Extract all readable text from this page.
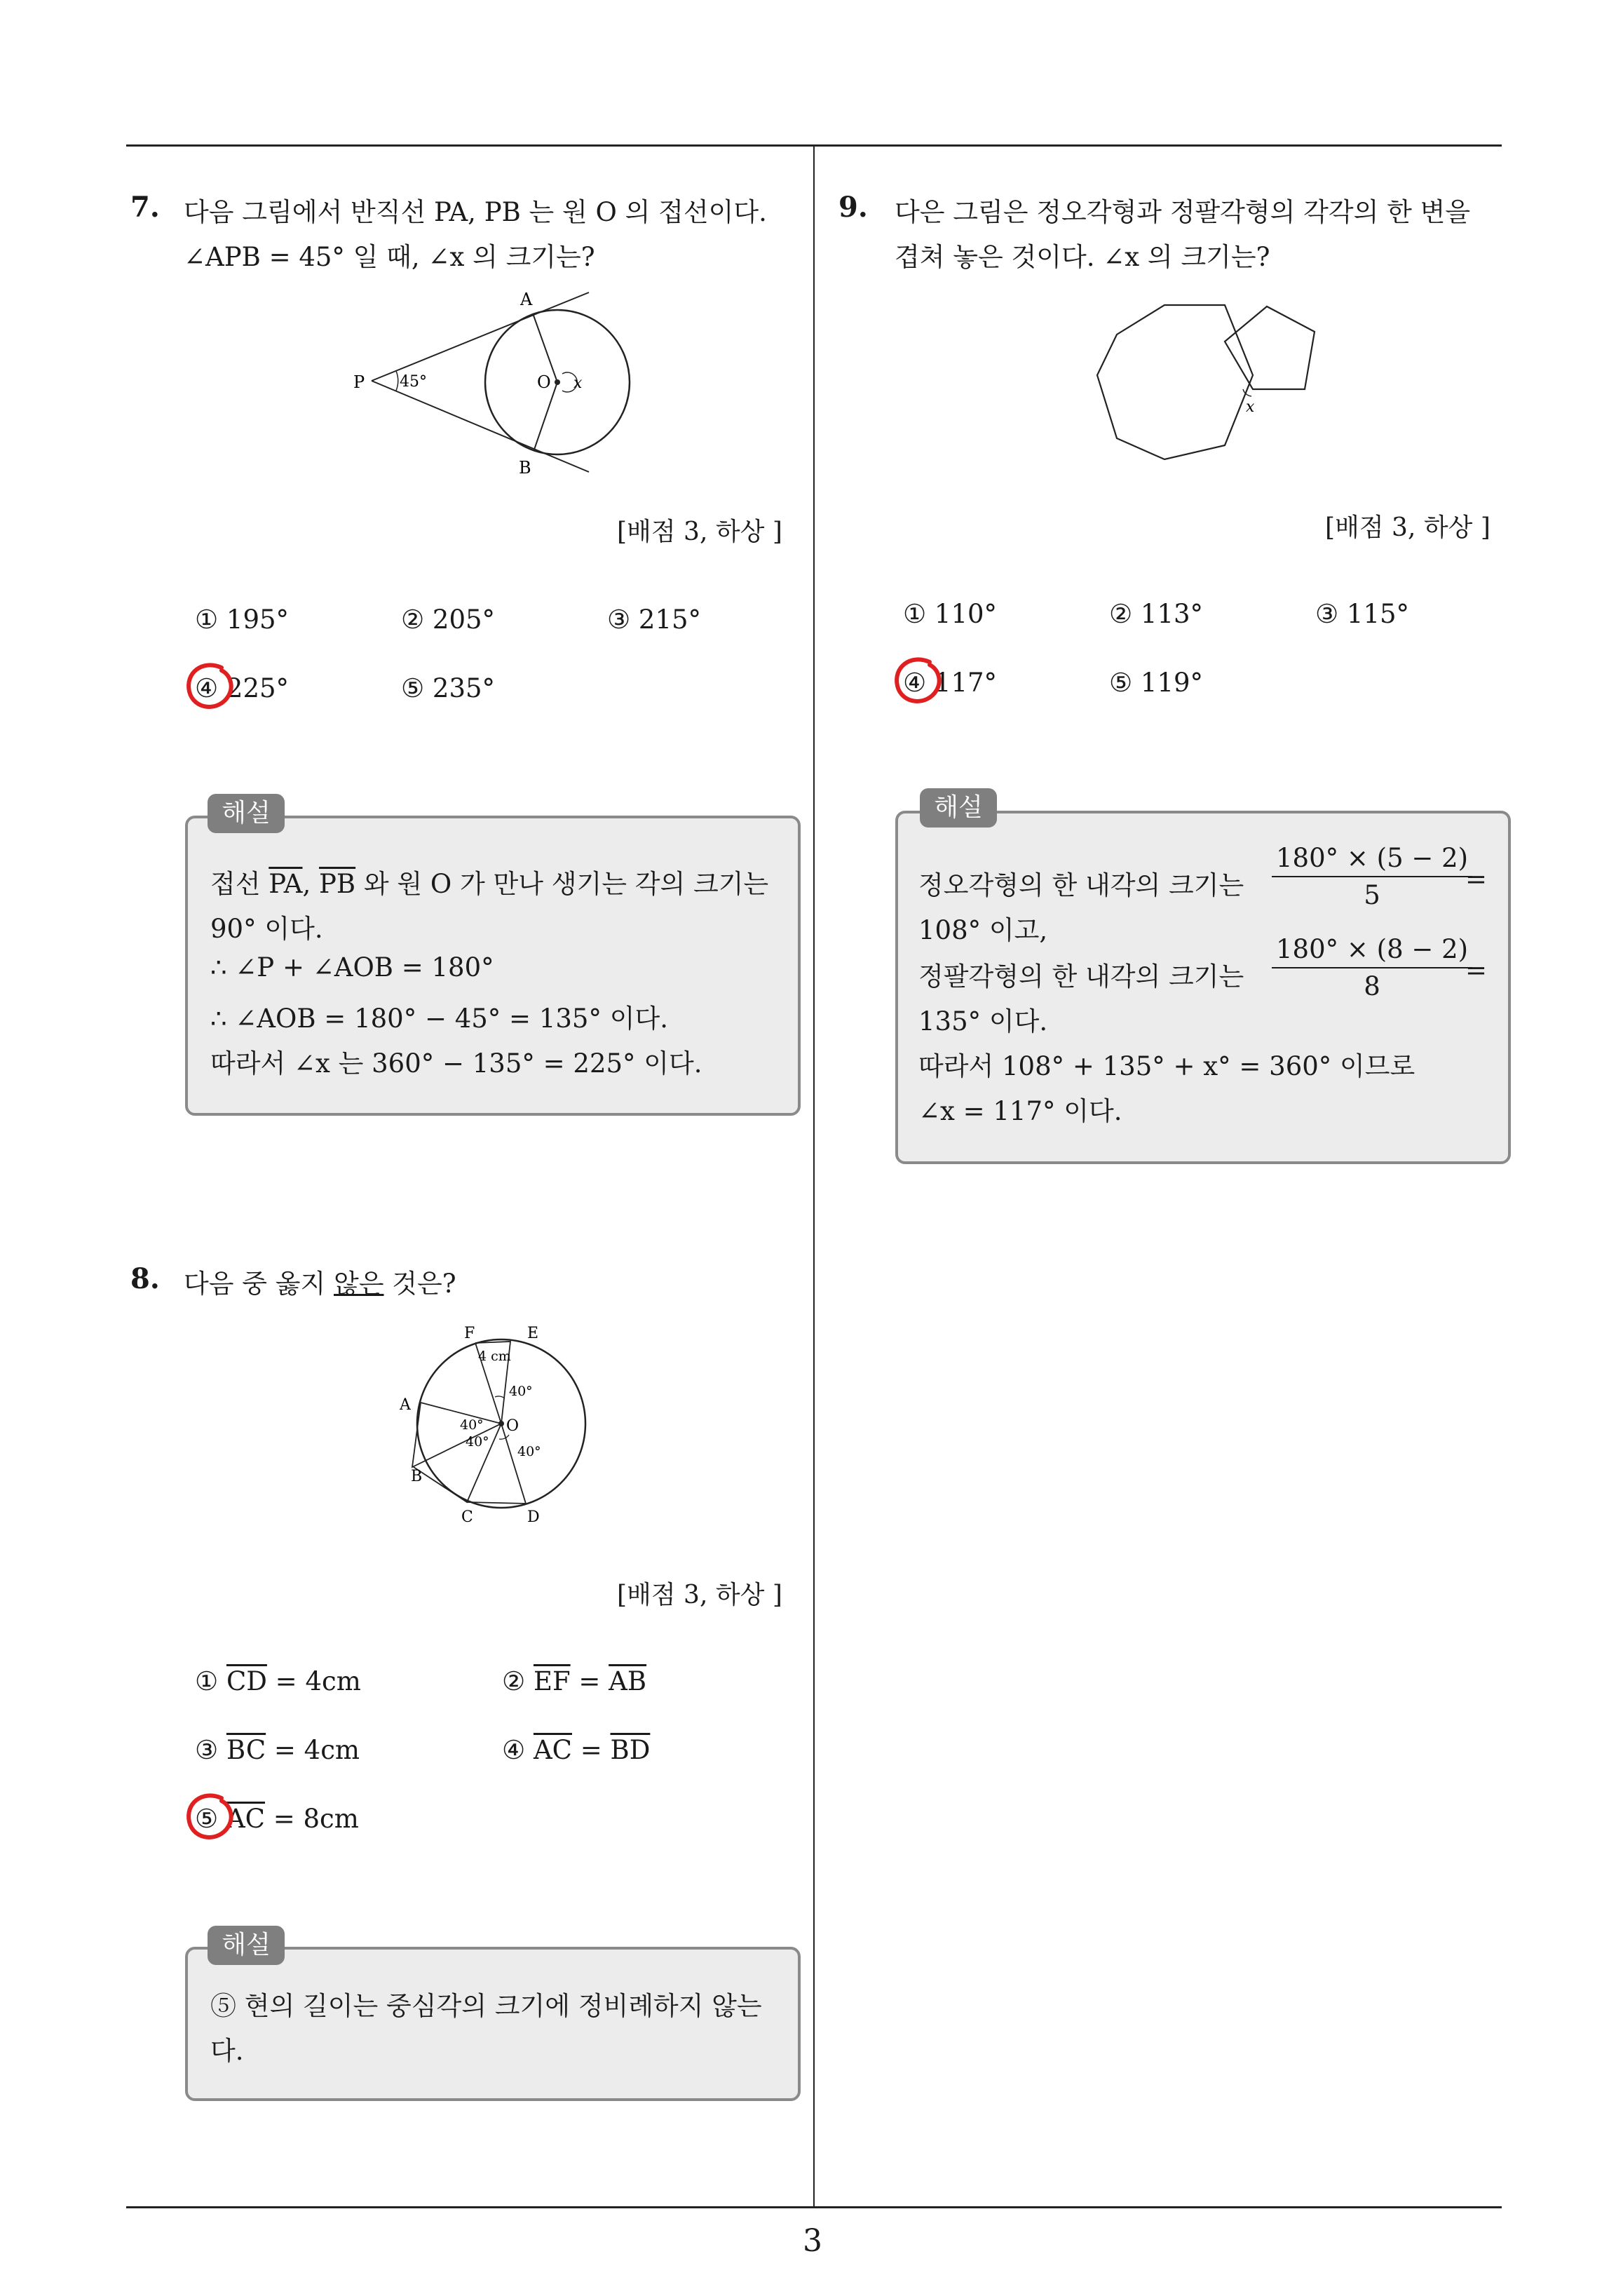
7. 다음 그림에서 반직선 PA, PB 는 원 O 의 접선이다.
∠APB = 45° 일 때, ∠x 의 크기는?
A
B
P	O x
45°
[배점 3, 하상 ]
① 195°	② 205°	③ 215°
④ 225°	⑤ 235°
해설
접선 $\overline{PA}$, $\overline{PB}$ 와 원 O 가 만나 생기는 각의 크기는
90° 이다.
∴ ∠P + ∠AOB = 180°
∴ ∠AOB = 180° − 45° = 135° 이다.
따라서 ∠x 는 360° − 135° = 225° 이다.
8. 다음 중 옳지 않은 것은?
F	E
A
B
C	D
O
4 cm
40°
40°
40°
40°
[배점 3, 하상 ]
① $\overline{CD} = 4cm$	② $\overline{EF} = \overline{AB}$
③ $\overline{BC} = 4cm$	④ $\overline{AC} = \overline{BD}$
⑤ $\overline{AC} = 8cm$
해설
⑤ 현의 길이는 중심각의 크기에 정비례하지 않는
다.
9. 다은 그림은 정오각형과 정팔각형의 각각의 한 변을
겹쳐 놓은 것이다. ∠x 의 크기는?
x
[배점 3, 하상 ]
① 110°	② 113°	③ 115°
④ 117°	⑤ 119°
해설
정오각형의 한 내각의 크기는 $\frac{180^\circ \times (5 - 2)}{5}$
=
108° 이고,
정팔각형의 한 내각의 크기는 $\frac{180^\circ \times (8 - 2)}{8}$
=
135° 이다.
따라서 108° + 135° + x° = 360° 이므로
∠x = 117° 이다.
3
